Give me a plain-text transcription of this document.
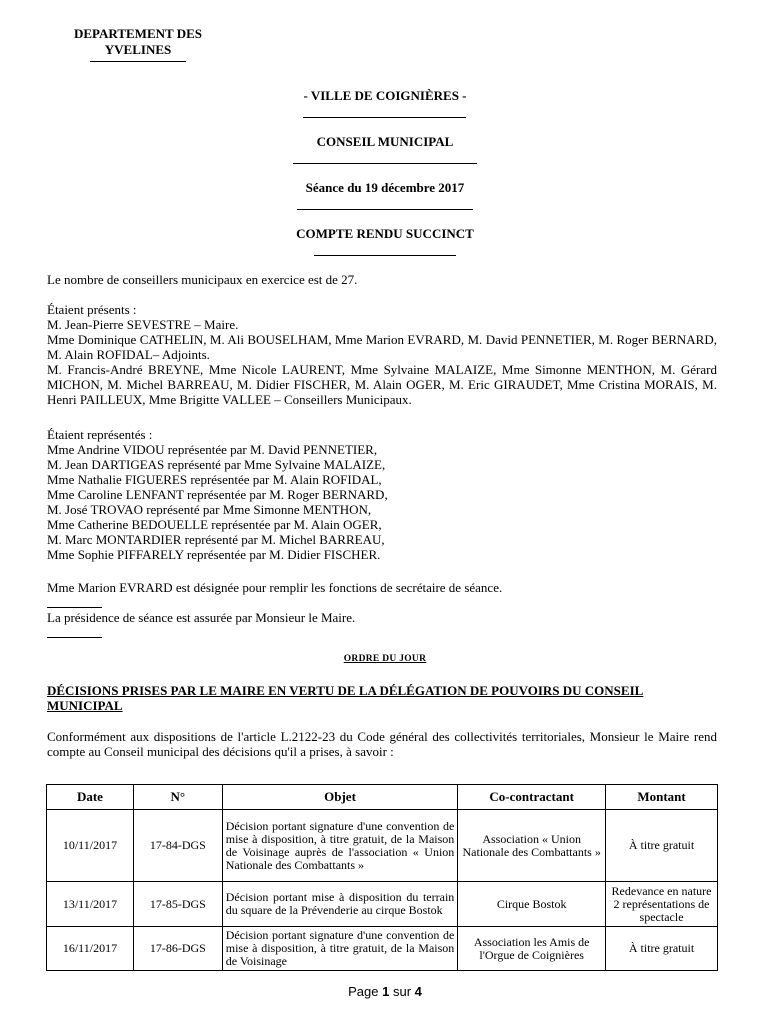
DEPARTEMENT DES
YVELINES
- VILLE DE COIGNIÈRES -
CONSEIL MUNICIPAL
Séance du 19 décembre 2017
COMPTE RENDU SUCCINCT
Le nombre de conseillers municipaux en exercice est de 27.

Étaient présents :

M. Jean-Pierre SEVESTRE – Maire.

Mme Dominique CATHELIN, M. Ali BOUSELHAM, Mme Marion EVRARD, M. David PENNETIER, M. Roger BERNARD, M. Alain ROFIDAL– Adjoints.

M. Francis-André BREYNE, Mme Nicole LAURENT, Mme Sylvaine MALAIZE, Mme Simonne MENTHON, M. Gérard MICHON, M. Michel BARREAU, M. Didier FISCHER, M. Alain OGER, M. Eric GIRAUDET, Mme Cristina MORAIS, M. Henri PAILLEUX, Mme Brigitte VALLEE – Conseillers Municipaux.

Étaient représentés :

Mme Andrine VIDOU représentée par M. David PENNETIER,

M. Jean DARTIGEAS représenté par Mme Sylvaine MALAIZE,

Mme Nathalie FIGUERES représentée par M. Alain ROFIDAL,

Mme Caroline LENFANT représentée par M. Roger BERNARD,

M. José TROVAO représenté par Mme Simonne MENTHON,

Mme Catherine BEDOUELLE représentée par M. Alain OGER,

M. Marc MONTARDIER représenté par M. Michel BARREAU,

Mme Sophie PIFFARELY représentée par M. Didier FISCHER.

Mme Marion EVRARD est désignée pour remplir les fonctions de secrétaire de séance.
La présidence de séance est assurée par Monsieur le Maire.
ORDRE DU JOUR
DÉCISIONS PRISES PAR LE MAIRE EN VERTU DE LA DÉLÉGATION DE POUVOIRS DU CONSEIL MUNICIPAL
Conformément aux dispositions de l'article L.2122-23 du Code général des collectivités territoriales, Monsieur le Maire rend compte au Conseil municipal des décisions qu'il a prises, à savoir :
Date	N°	Objet	Co-contractant	Montant
10/11/2017	17-84-DGS	Décision portant signature d'une convention de mise à disposition, à titre gratuit, de la Maison de Voisinage auprès de l'association « Union Nationale des Combattants »	Association « Union Nationale des Combattants »	À titre gratuit
13/11/2017	17-85-DGS	Décision portant mise à disposition du terrain du square de la Prévenderie au cirque Bostok	Cirque Bostok	Redevance en nature 2 représentations de spectacle
16/11/2017	17-86-DGS	Décision portant signature d'une convention de mise à disposition, à titre gratuit, de la Maison de Voisinage	Association les Amis de l'Orgue de Coignières	À titre gratuit
Page 1 sur 4
